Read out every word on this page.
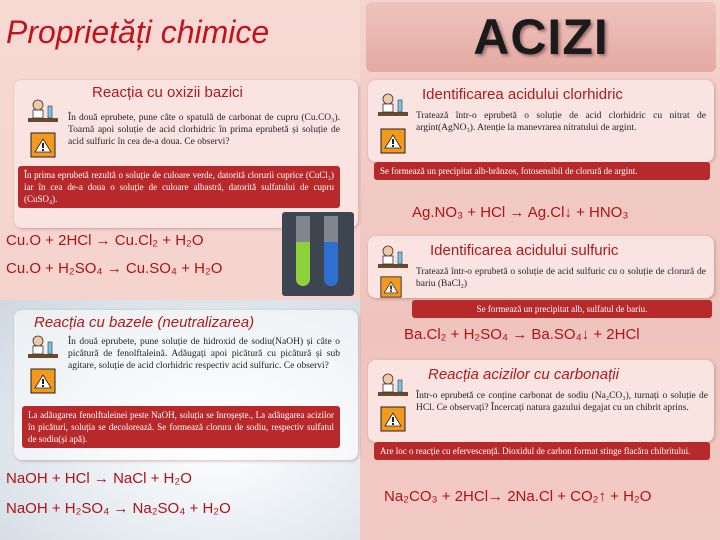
Proprietăți chimice	ACIZI
Reacția cu oxizii bazici
În două eprubete, pune câte o spatulă de carbonat de cupru (Cu.CO₃). Toarnă apoi soluție de acid clorhidric în prima eprubetă și soluție de acid sulfuric în cea de-a doua. Ce observi?
În prima eprubetă rezultă o soluție de culoare verde, datorită clorurii cuprice (CuCl₂) iar în cea de-a doua o soluție de culoare albastră, datorită sulfatului de cupru (CuSO₄).
Cu.O + 2HCl → Cu.Cl₂ + H₂O
Cu.O + H₂SO₄ → Cu.SO₄ + H₂O
Reacția cu bazele (neutralizarea)
În două eprubete, pune soluție de hidroxid de sodiu(NaOH) și câte o picătură de fenolftaleină. Adăugați apoi picătură cu picătură și sub agitare, soluție de acid clorhidric respectiv acid sulfuric. Ce observi?
La adăugarea fenolftaleinei peste NaOH, soluția se înroșește., La adăugarea acizilor în picături, soluția se decolorează. Se formează clorura de sodiu, respectiv sulfatul de sodiu(și apă).
NaOH + HCl → NaCl + H₂O
NaOH + H₂SO₄ → Na₂SO₄ + H₂O
Identificarea acidului clorhidric
Tratează într-o eprubetă o soluție de acid clorhidric cu nitrat de argint(AgNO₃). Atenție la manevrarea nitratului de argint.
Se formează un precipitat alb-brânzos, fotosensibil de clorură de argint.
Ag.NO₃ + HCl → Ag.Cl↓ + HNO₃
Identificarea acidului sulfuric
Tratează într-o eprubetă o soluție de acid sulfuric cu o soluție de clorură de bariu (BaCl₂)
Se formează un precipitat alb, sulfatul de bariu.
Ba.Cl₂ + H₂SO₄ → Ba.SO₄↓ + 2HCl
Reacția acizilor cu carbonații
Într-o eprubetă ce conține carbonat de sodiu (Na₂CO₃), turnați o soluție de HCl. Ce observați? Încercați natura gazului degajat cu un chibrit aprins.
Are loc o reacție cu efervescență. Dioxidul de carbon format stinge flacăra chibritului.
Na₂CO₃ + 2HCl→ 2Na.Cl + CO₂↑ + H₂O
